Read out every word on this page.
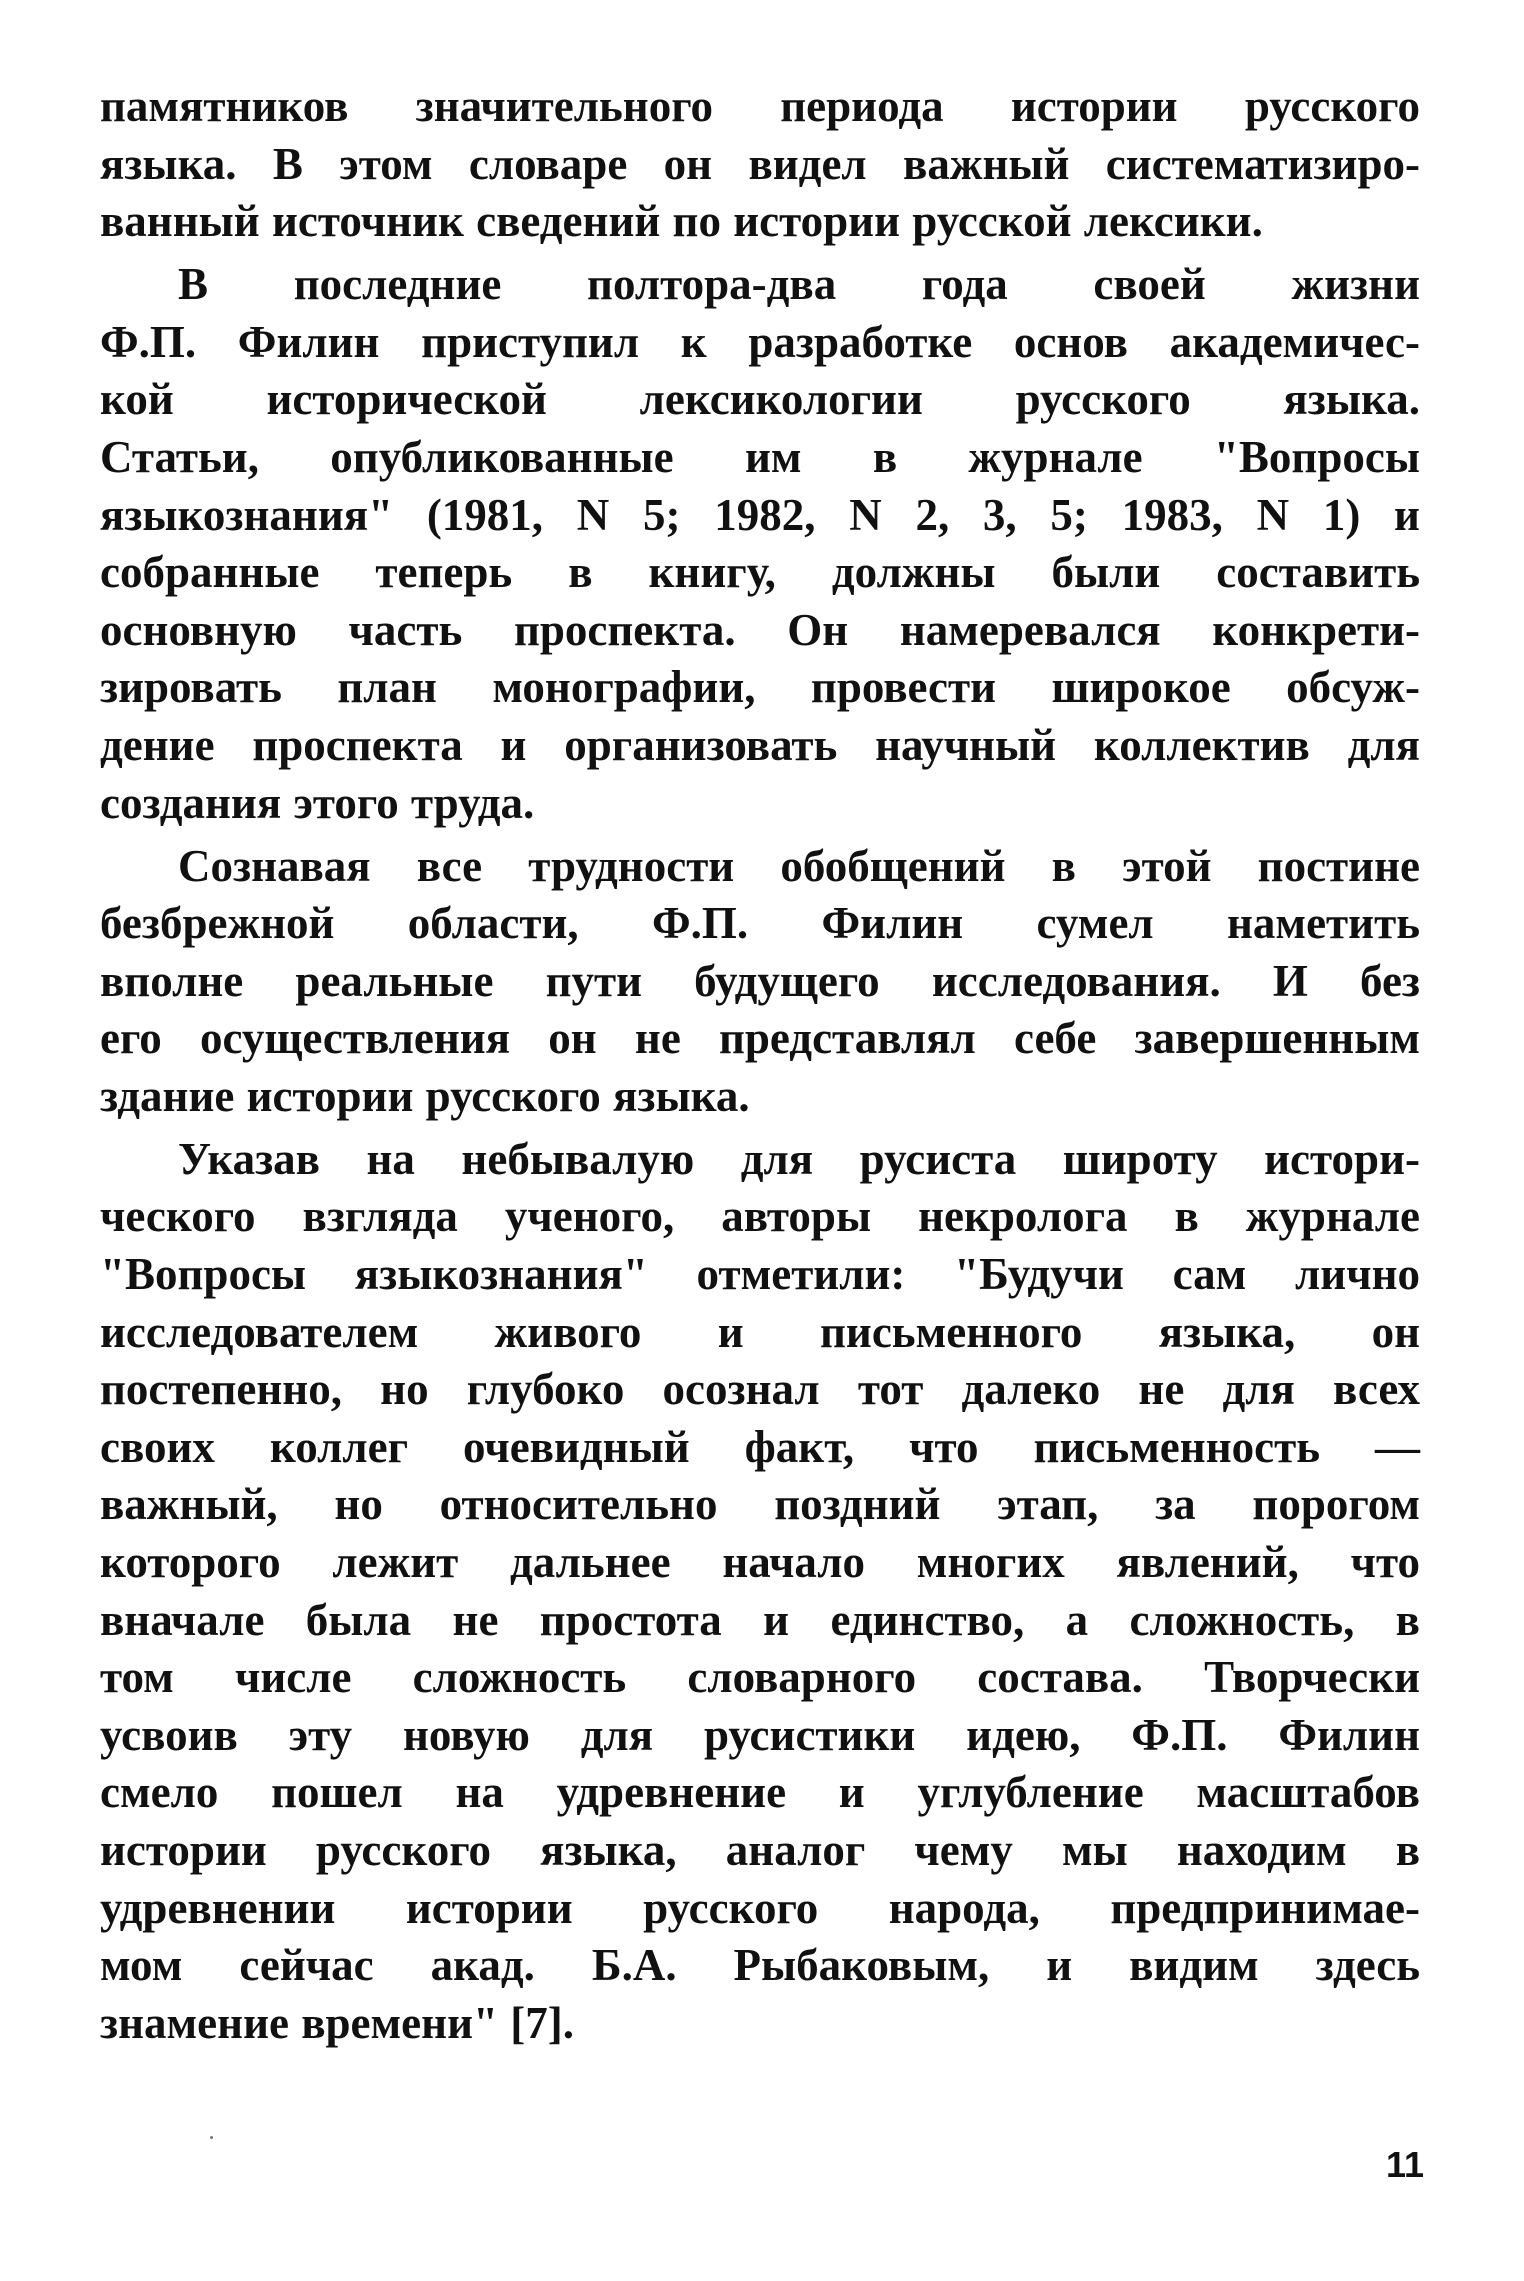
памятников значительного периода истории русского
языка. В этом словаре он видел важный систематизиро-
ванный источник сведений по истории русской лексики.

В последние полтора-два года своей жизни
Ф.П. Филин приступил к разработке основ академичес-
кой исторической лексикологии русского языка.
Статьи, опубликованные им в журнале "Вопросы
языкознания" (1981, N 5; 1982, N 2, 3, 5; 1983, N 1) и
собранные теперь в книгу, должны были составить
основную часть проспекта. Он намеревался конкрети-
зировать план монографии, провести широкое обсуж-
дение проспекта и организовать научный коллектив для
создания этого труда.

Сознавая все трудности обобщений в этой постине
безбрежной области, Ф.П. Филин сумел наметить
вполне реальные пути будущего исследования. И без
его осуществления он не представлял себе завершенным
здание истории русского языка.

Указав на небывалую для русиста широту истори-
ческого взгляда ученого, авторы некролога в журнале
"Вопросы языкознания" отметили: "Будучи сам лично
исследователем живого и письменного языка, он
постепенно, но глубоко осознал тот далеко не для всех
своих коллег очевидный факт, что письменность —
важный, но относительно поздний этап, за порогом
которого лежит дальнее начало многих явлений, что
вначале была не простота и единство, а сложность, в
том числе сложность словарного состава. Творчески
усвоив эту новую для русистики идею, Ф.П. Филин
смело пошел на удревнение и углубление масштабов
истории русского языка, аналог чему мы находим в
удревнении истории русского народа, предпринимае-
мом сейчас акад. Б.А. Рыбаковым, и видим здесь
знамение времени" [7].

11
